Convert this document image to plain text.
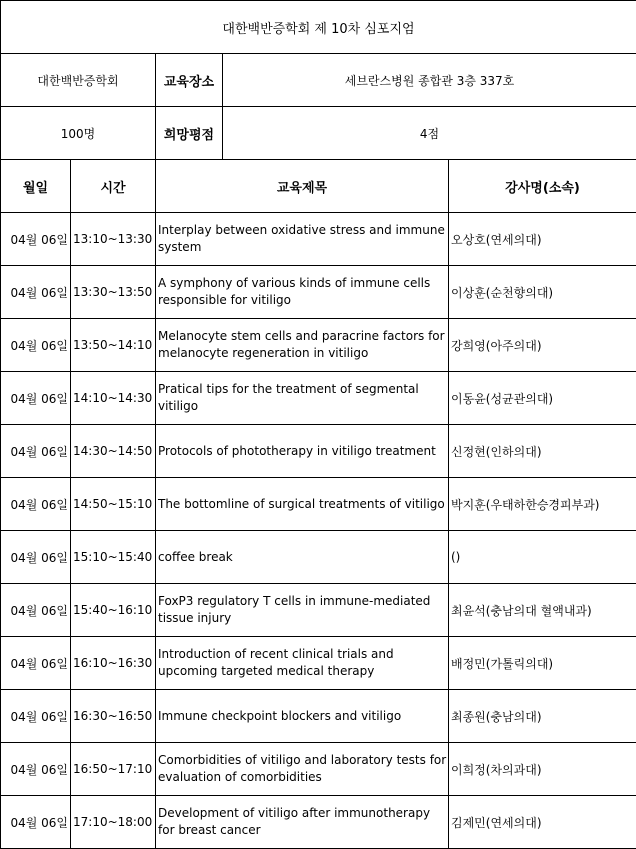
대한백반증학회 제 10차 심포지엄				
대한백반증학회		교육장소	세브란스병원 종합관 3층 337호	
100명		희망평점	4점	
월일	시간	교육제목		강사명(소속)
04월 06일	13:10~13:30	Interplay between oxidative stress and immune system		오상호(연세의대)
04월 06일	13:30~13:50	A symphony of various kinds of immune cells responsible for vitiligo		이상훈(순천향의대)
04월 06일	13:50~14:10	Melanocyte stem cells and paracrine factors for melanocyte regeneration in vitiligo		강희영(아주의대)
04월 06일	14:10~14:30	Pratical tips for the treatment of segmental vitiligo		이동윤(성균관의대)
04월 06일	14:30~14:50	Protocols of phototherapy in vitiligo treatment		신정현(인하의대)
04월 06일	14:50~15:10	The bottomline of surgical treatments of vitiligo		박지훈(우태하한승경피부과)
04월 06일	15:10~15:40	coffee break		()
04월 06일	15:40~16:10	FoxP3 regulatory T cells in immune-mediated tissue injury		최윤석(충남의대 혈액내과)
04월 06일	16:10~16:30	Introduction of recent clinical trials and upcoming targeted medical therapy		배정민(가톨릭의대)
04월 06일	16:30~16:50	Immune checkpoint blockers and vitiligo		최종원(충남의대)
04월 06일	16:50~17:10	Comorbidities of vitiligo and laboratory tests for evaluation of comorbidities		이희정(차의과대)
04월 06일	17:10~18:00	Development of vitiligo after immunotherapy for breast cancer		김제민(연세의대)
